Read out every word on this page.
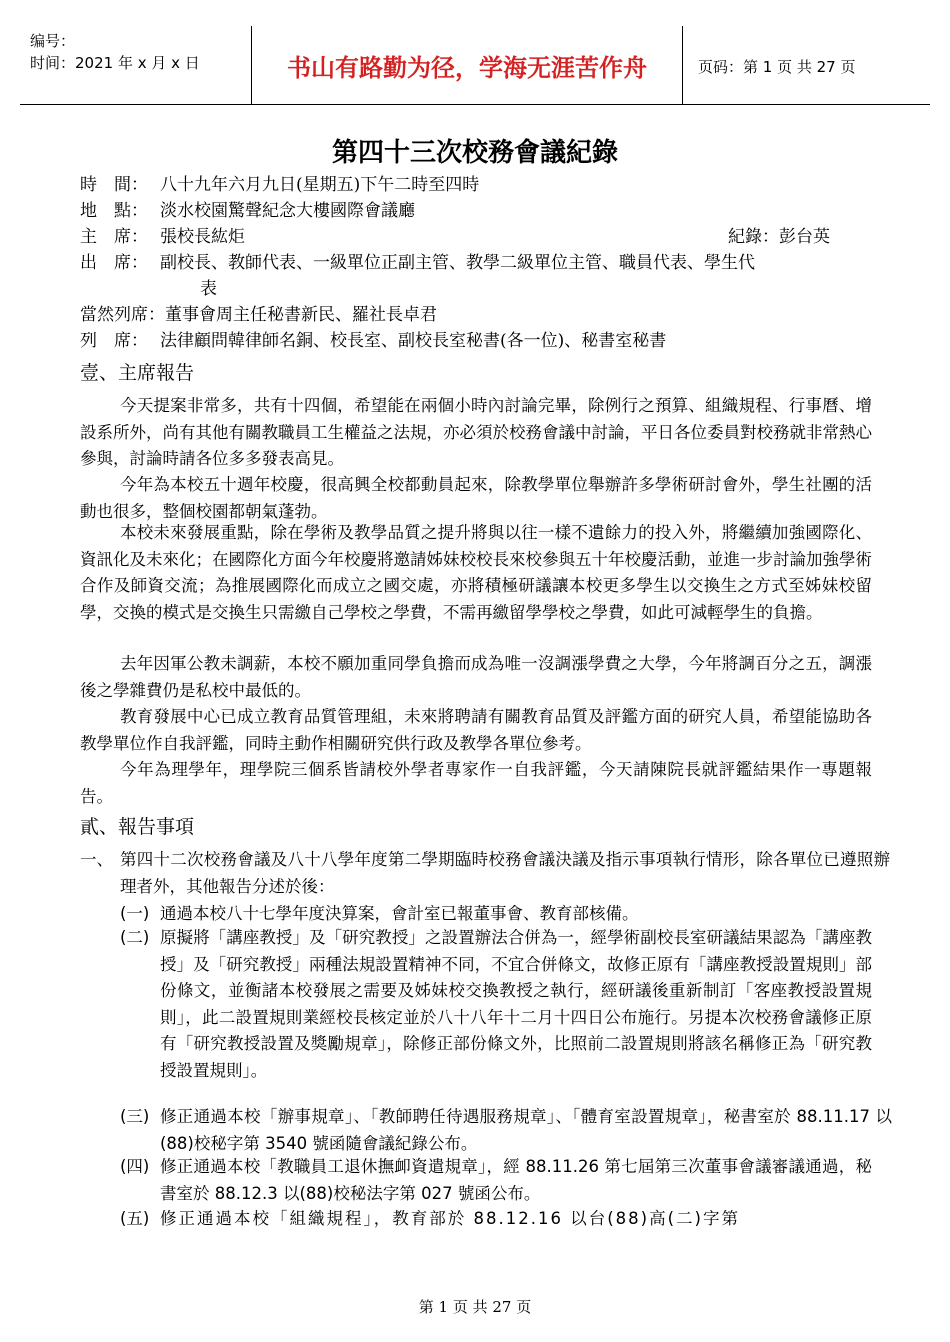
编号：
时间：2021 年 x 月 x 日	书山有路勤为径，学海无涯苦作舟	页码：第 1 页 共 27 页
第四十三次校務會議紀錄
時　間： 八十九年六月九日(星期五)下午二時至四時
地　點： 淡水校園驚聲紀念大樓國際會議廳
主　席： 張校長紘炬	紀錄：彭台英
出　席： 副校長、教師代表、一級單位正副主管、教學二級單位主管、職員代表、學生代
表
當然列席： 董事會周主任秘書新民、羅社長卓君
列　席： 法律顧問韓律師名銅、校長室、副校長室秘書(各一位)、秘書室秘書
壹、主席報告

今天提案非常多，共有十四個，希望能在兩個小時內討論完畢，除例行之預算、組織規程、行事曆、增設系所外，尚有其他有關教職員工生權益之法規，亦必須於校務會議中討論，平日各位委員對校務就非常熱心參與，討論時請各位多多發表高見。

今年為本校五十週年校慶，很高興全校都動員起來，除教學單位舉辦許多學術研討會外，學生社團的活動也很多，整個校園都朝氣蓬勃。

本校未來發展重點，除在學術及教學品質之提升將與以往一樣不遺餘力的投入外，將繼續加強國際化、資訊化及未來化；在國際化方面今年校慶將邀請姊妹校校長來校參與五十年校慶活動，並進一步討論加強學術合作及師資交流；為推展國際化而成立之國交處，亦將積極研議讓本校更多學生以交換生之方式至姊妹校留學，交換的模式是交換生只需繳自己學校之學費，不需再繳留學學校之學費，如此可減輕學生的負擔。

去年因軍公教未調薪，本校不願加重同學負擔而成為唯一沒調漲學費之大學，今年將調百分之五，調漲後之學雜費仍是私校中最低的。

教育發展中心已成立教育品質管理組，未來將聘請有關教育品質及評鑑方面的研究人員，希望能協助各教學單位作自我評鑑，同時主動作相關研究供行政及教學各單位參考。

今年為理學年，理學院三個系皆請校外學者專家作一自我評鑑，今天請陳院長就評鑑結果作一專題報告。

貳、報告事項
一、 第四十二次校務會議及八十八學年度第二學期臨時校務會議決議及指示事項執行情形，除各單位已遵照辦理者外，其他報告分述於後：
(一) 通過本校八十七學年度決算案，會計室已報董事會、教育部核備。
(二) 原擬將「講座教授」及「研究教授」之設置辦法合併為一，經學術副校長室研議結果認為「講座教授」及「研究教授」兩種法規設置精神不同，不宜合併條文，故修正原有「講座教授設置規則」部份條文，並衡諸本校發展之需要及姊妹校交換教授之執行，經研議後重新制訂「客座教授設置規則」，此二設置規則業經校長核定並於八十八年十二月十四日公布施行。另提本次校務會議修正原有「研究教授設置及獎勵規章」，除修正部份條文外，比照前二設置規則將該名稱修正為「研究教授設置規則」。
(三) 修正通過本校「辦事規章」、「教師聘任待遇服務規章」、「體育室設置規章」，秘書室於 88.11.17 以(88)校秘字第 3540 號函隨會議紀錄公布。
(四) 修正通過本校「教職員工退休撫卹資遣規章」，經 88.11.26 第七屆第三次董事會議審議通過，秘書室於 88.12.3 以(88)校秘法字第 027 號函公布。
(五) 修正通過本校「組織規程」，教育部於 88.12.16 以台(88)高(二)字第
第 1 页 共 27 页
